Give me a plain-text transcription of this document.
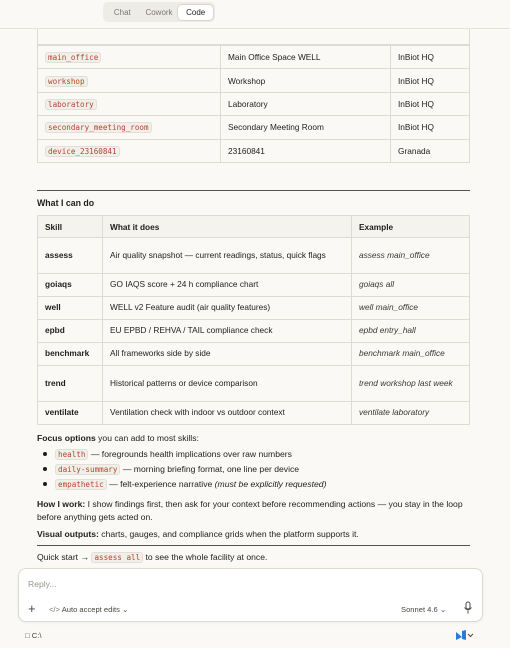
Chat	Cowork	Code
main_office	Main Office Space WELL	InBiot HQ
workshop	Workshop	InBiot HQ
laboratory	Laboratory	InBiot HQ
secondary_meeting_room	Secondary Meeting Room	InBiot HQ
device_23160841	23160841	Granada
What I can do
Skill	What it does	Example
assess	Air quality snapshot — current readings, status, quick flags	assess main_office
goiaqs	GO IAQS score + 24 h compliance chart	goiaqs all
well	WELL v2 Feature audit (air quality features)	well main_office
epbd	EU EPBD / REHVA / TAIL compliance check	epbd entry_hall
benchmark	All frameworks side by side	benchmark main_office
trend	Historical patterns or device comparison	trend workshop last week
ventilate	Ventilation check with indoor vs outdoor context	ventilate laboratory
Focus options you can add to most skills:
health — foregrounds health implications over raw numbers
daily-summary — morning briefing format, one line per device
empathetic — felt-experience narrative (must be explicitly requested)
How I work: I show findings first, then ask for your context before recommending actions — you stay in the loop before anything gets acted on.
Visual outputs: charts, gauges, and compliance grids when the platform supports it.
Quick start → assess all to see the whole facility at once.
Reply...
+ </> Auto accept edits ⌄	Sonnet 4.6 ⌄
□ C:\
